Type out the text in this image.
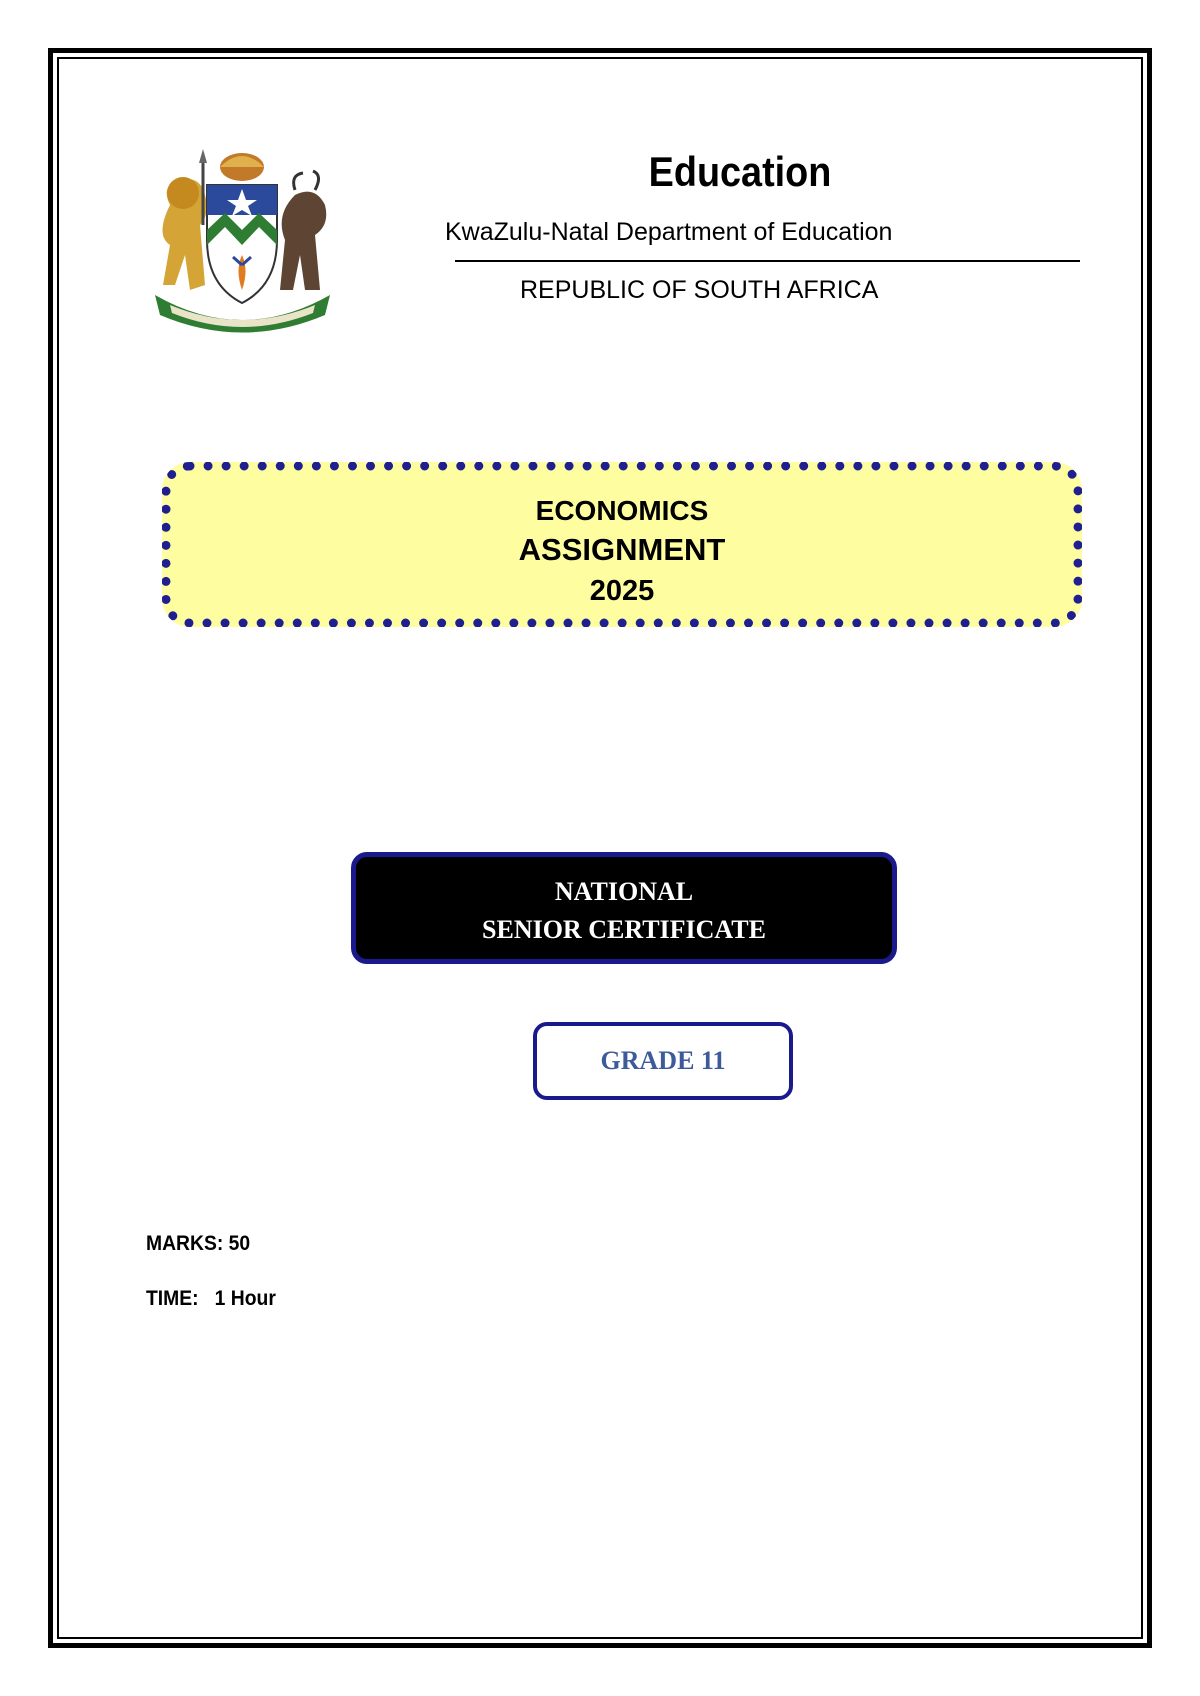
Education
KwaZulu-Natal Department of Education
REPUBLIC OF SOUTH AFRICA
ECONOMICS
ASSIGNMENT
2025
NATIONAL
SENIOR CERTIFICATE
GRADE 11
MARKS: 50
TIME:   1 Hour
